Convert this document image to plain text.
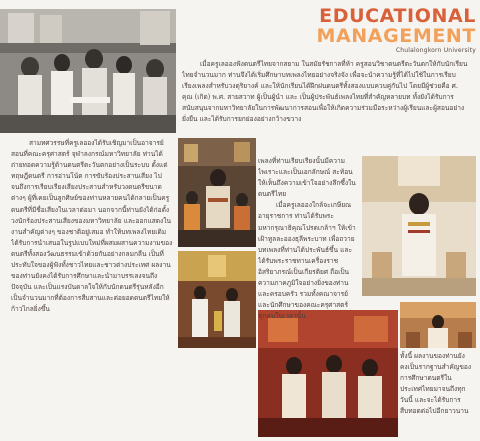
EDUCATIONAL
MANAGEMENT
Chulalongkorn University

เมื่อครูเลอองฟังดนตรีไทยจากสยาม ในสมัยรัชกาลที่ห้า ครูสอนวิชาดนตรีตะวันตกให้กับนักเรียนไทยจำนวนมาก ท่านจึงได้เริ่มศึกษาบทเพลงไทยอย่างจริงจัง เพื่อจะนำความรู้ที่ได้ไปใช้ในการเรียบเรียงเพลงสำหรับวงดุริยางค์ และให้นักเรียนได้ฝึกฝนดนตรีทั้งสองแบบควบคู่กันไป โดยมีผู้ช่วยคือ ศ. คุณ (เกิด) พ.ศ. สายสวาท ผู้เป็นผู้นำ และ เป็นผู้ประพันธ์เพลงไทยที่สำคัญหลายบท ทั้งยังได้รับการสนับสนุนจากมหาวิทยาลัยในการพัฒนาการสอนเพื่อให้เกิดความร่วมมือระหว่างผู้เรียนและผู้สอนอย่างยั่งยืน และได้รับการยกย่องอย่างกว้างขวาง

สามทศวรรษที่ครูเลอองได้รับเชิญมาเป็นอาจารย์สอนที่คณะครุศาสตร์ จุฬาลงกรณ์มหาวิทยาลัย ท่านได้ถ่ายทอดความรู้ด้านดนตรีตะวันตกอย่างเป็นระบบ ตั้งแต่ทฤษฎีดนตรี การอ่านโน้ต การขับร้องประสานเสียง ไปจนถึงการเรียบเรียงเสียงประสานสำหรับวงดนตรีขนาดต่างๆ ผู้ที่เคยเป็นลูกศิษย์ของท่านหลายคนได้กลายเป็นครูดนตรีที่มีชื่อเสียงในเวลาต่อมา นอกจากนี้ท่านยังได้ก่อตั้งวงนักร้องประสานเสียงของมหาวิทยาลัย และออกแสดงในงานสำคัญต่างๆ ของชาติอยู่เสมอ ทำให้บทเพลงไทยเดิมได้รับการนำเสนอในรูปแบบใหม่ที่ผสมผสานความงามของดนตรีทั้งสองวัฒนธรรมเข้าด้วยกันอย่างกลมกลืน เป็นที่ประทับใจของผู้ฟังทั้งชาวไทยและชาวต่างประเทศ ผลงานของท่านยังคงได้รับการศึกษาและนำมาบรรเลงจนถึงปัจจุบัน และเป็นแรงบันดาลใจให้กับนักดนตรีรุ่นหลังอีกเป็นจำนวนมากที่ต้องการสืบสานและต่อยอดดนตรีไทยให้ก้าวไกลยิ่งขึ้น

เพลงที่ท่านเรียบเรียงนั้นมีความไพเราะและเป็นเอกลักษณ์ สะท้อนให้เห็นถึงความเข้าใจอย่างลึกซึ้งในดนตรีไทย

เมื่อครูเลอองใกล้จะเกษียณอายุราชการ ท่านได้รับพระมหากรุณาธิคุณโปรดเกล้าฯ ให้เข้าเฝ้าทูลละอองธุลีพระบาท เพื่อถวายบทเพลงที่ท่านได้ประพันธ์ขึ้น และได้รับพระราชทานเครื่องราชอิสริยาภรณ์เป็นเกียรติยศ ถือเป็นความภาคภูมิใจอย่างยิ่งของท่านและครอบครัว รวมทั้งคณาจารย์และนักศึกษาของคณะครุศาสตร์ทุกคนในเวลานั้น

ทั้งนี้ ผลงานของท่านยังคงเป็นรากฐานสำคัญของการศึกษาดนตรีในประเทศไทยมาจนถึงทุกวันนี้ และจะได้รับการสืบทอดต่อไปอีกยาวนาน
